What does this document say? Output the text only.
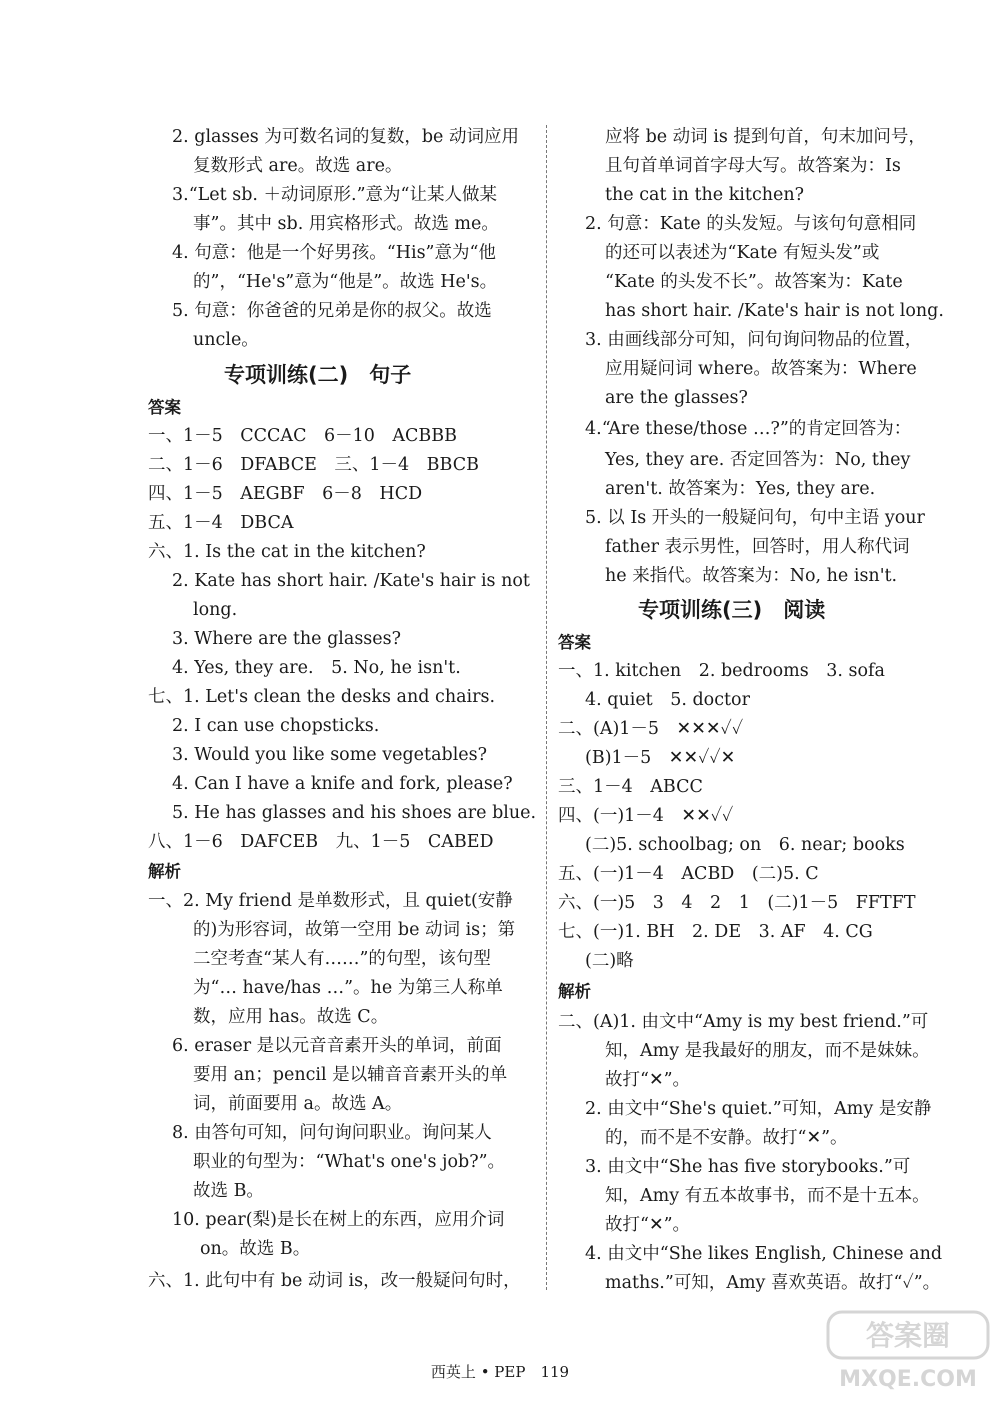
2. glasses 为可数名词的复数，be 动词应用
复数形式 are。故选 are。
3.“Let sb. ＋动词原形.”意为“让某人做某
事”。其中 sb. 用宾格形式。故选 me。
4. 句意：他是一个好男孩。“His”意为“他
的”，“He's”意为“他是”。故选 He's。
5. 句意：你爸爸的兄弟是你的叔父。故选
uncle。
专项训练(二)　句子
答案
一、1－5　CCCAC　6－10　ACBBB
二、1－6　DFABCE　三、1－4　BBCB
四、1－5　AEGBF　6－8　HCD
五、1－4　DBCA
六、1. Is the cat in the kitchen?
2. Kate has short hair. /Kate's hair is not
long.
3. Where are the glasses?
4. Yes, they are.　5. No, he isn't.
七、1. Let's clean the desks and chairs.
2. I can use chopsticks.
3. Would you like some vegetables?
4. Can I have a knife and fork, please?
5. He has glasses and his shoes are blue.
八、1－6　DAFCEB　九、1－5　CABED
解析
一、2. My friend 是单数形式，且 quiet(安静
的)为形容词，故第一空用 be 动词 is；第
二空考查“某人有……”的句型，该句型
为“… have/has …”。he 为第三人称单
数，应用 has。故选 C。
6. eraser 是以元音音素开头的单词，前面
要用 an；pencil 是以辅音音素开头的单
词，前面要用 a。故选 A。
8. 由答句可知，问句询问职业。询问某人
职业的句型为：“What's one's job?”。
故选 B。
10. pear(梨)是长在树上的东西，应用介词
on。故选 B。
六、1. 此句中有 be 动词 is，改一般疑问句时，
应将 be 动词 is 提到句首，句末加问号，
且句首单词首字母大写。故答案为：Is
the cat in the kitchen?
2. 句意：Kate 的头发短。与该句句意相同
的还可以表述为“Kate 有短头发”或
“Kate 的头发不长”。故答案为：Kate
has short hair. /Kate's hair is not long.
3. 由画线部分可知，问句询问物品的位置，
应用疑问词 where。故答案为：Where
are the glasses?
4.“Are these/those …?”的肯定回答为：
Yes, they are. 否定回答为：No, they
aren't. 故答案为：Yes, they are.
5. 以 Is 开头的一般疑问句，句中主语 your
father 表示男性，回答时，用人称代词
he 来指代。故答案为：No, he isn't.
专项训练(三)　阅读
答案
一、1. kitchen　2. bedrooms　3. sofa
4. quiet　5. doctor
二、(A)1－5　✕✕✕✓✓
(B)1－5　✕✕✓✓✕
三、1－4　ABCC
四、(一)1－4　✕✕✓✓
(二)5. schoolbag; on　6. near; books
五、(一)1－4　ACBD　(二)5. C
六、(一)5　3　4　2　1　(二)1－5　FFTFT
七、(一)1. BH　2. DE　3. AF　4. CG
(二)略
解析
二、(A)1. 由文中“Amy is my best friend.”可
知，Amy 是我最好的朋友，而不是妹妹。
故打“✕”。
2. 由文中“She's quiet.”可知，Amy 是安静
的，而不是不安静。故打“✕”。
3. 由文中“She has five storybooks.”可
知，Amy 有五本故事书，而不是十五本。
故打“✕”。
4. 由文中“She likes English, Chinese and
maths.”可知，Amy 喜欢英语。故打“✓”。
西英上 • PEP　119
答案圈
MXQE.COM
